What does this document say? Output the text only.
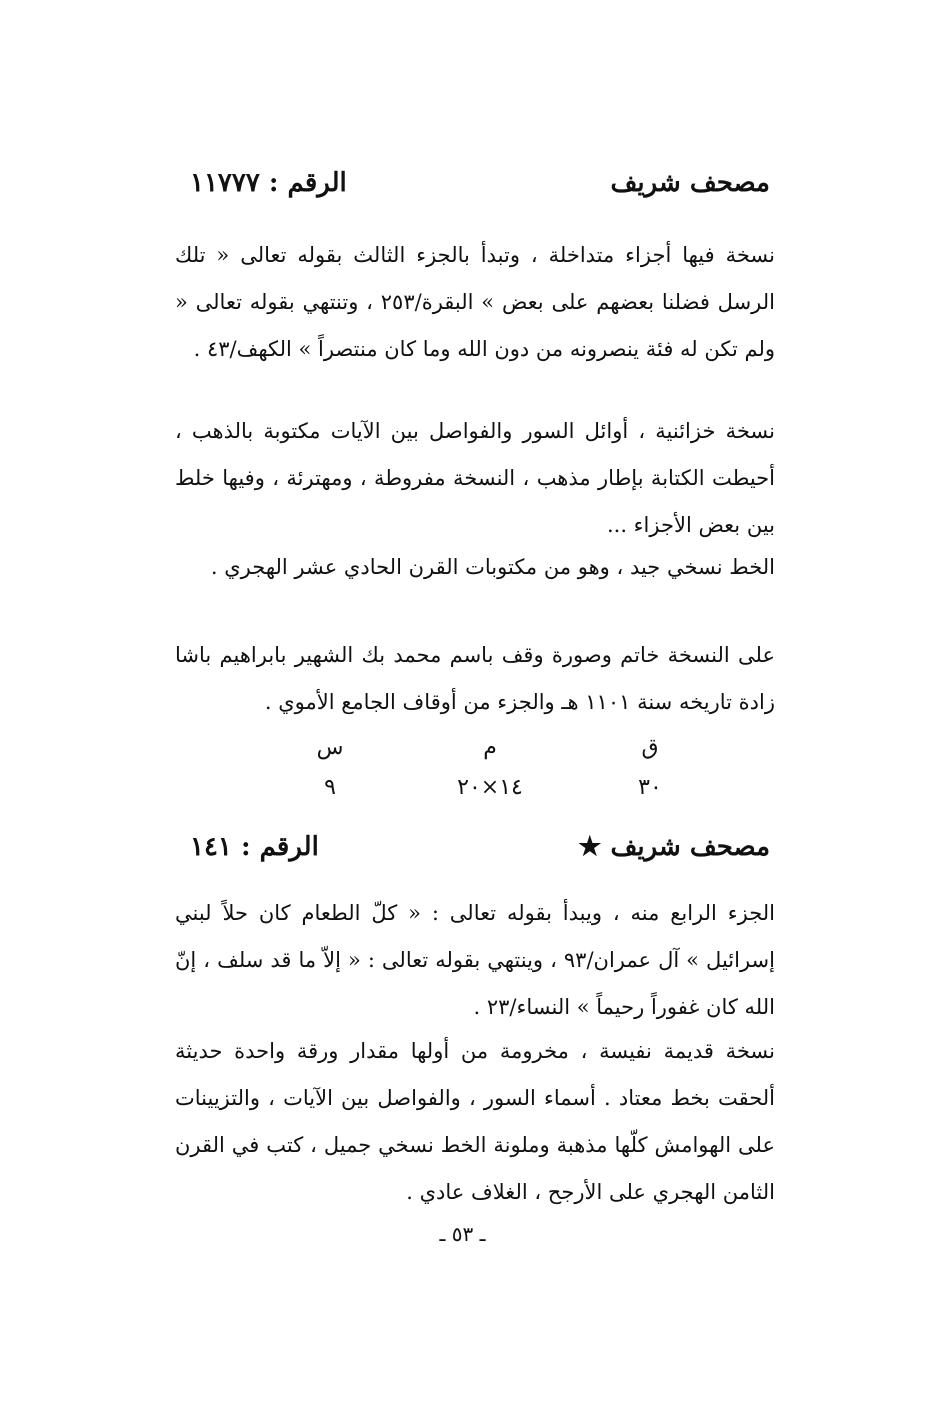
مصحف شريف
الرقم : ١١٧٧٧

نسخة فيها أجزاء متداخلة ، وتبدأ بالجزء الثالث بقوله تعالى « تلك الرسل فضلنا بعضهم على بعض » البقرة/٢٥٣ ، وتنتهي بقوله تعالى « ولم تكن له فئة ينصرونه من دون الله وما كان منتصراً » الكهف/٤٣ .

نسخة خزائنية ، أوائل السور والفواصل بين الآيات مكتوبة بالذهب ، أحيطت الكتابة بإطار مذهب ، النسخة مفروطة ، ومهترئة ، وفيها خلط بين بعض الأجزاء ...

الخط نسخي جيد ، وهو من مكتوبات القرن الحادي عشر الهجري .

على النسخة خاتم وصورة وقف باسم محمد بك الشهير بابراهيم باشا زادة تاريخه سنة ١١٠١ هـ والجزء من أوقاف الجامع الأموي .

ق
م
س
٣٠
١٤×٢٠
٩
مصحف شريف ★
الرقم : ١٤١

الجزء الرابع منه ، ويبدأ بقوله تعالى : « كلّ الطعام كان حلاً لبني إسرائيل » آل عمران/٩٣ ، وينتهي بقوله تعالى : « إلاّ ما قد سلف ، إنّ الله كان غفوراً رحيماً » النساء/٢٣ .

نسخة قديمة نفيسة ، مخرومة من أولها مقدار ورقة واحدة حديثة ألحقت بخط معتاد . أسماء السور ، والفواصل بين الآيات ، والتزيينات على الهوامش كلّها مذهبة وملونة الخط نسخي جميل ، كتب في القرن الثامن الهجري على الأرجح ، الغلاف عادي .

ـ ٥٣ ـ
